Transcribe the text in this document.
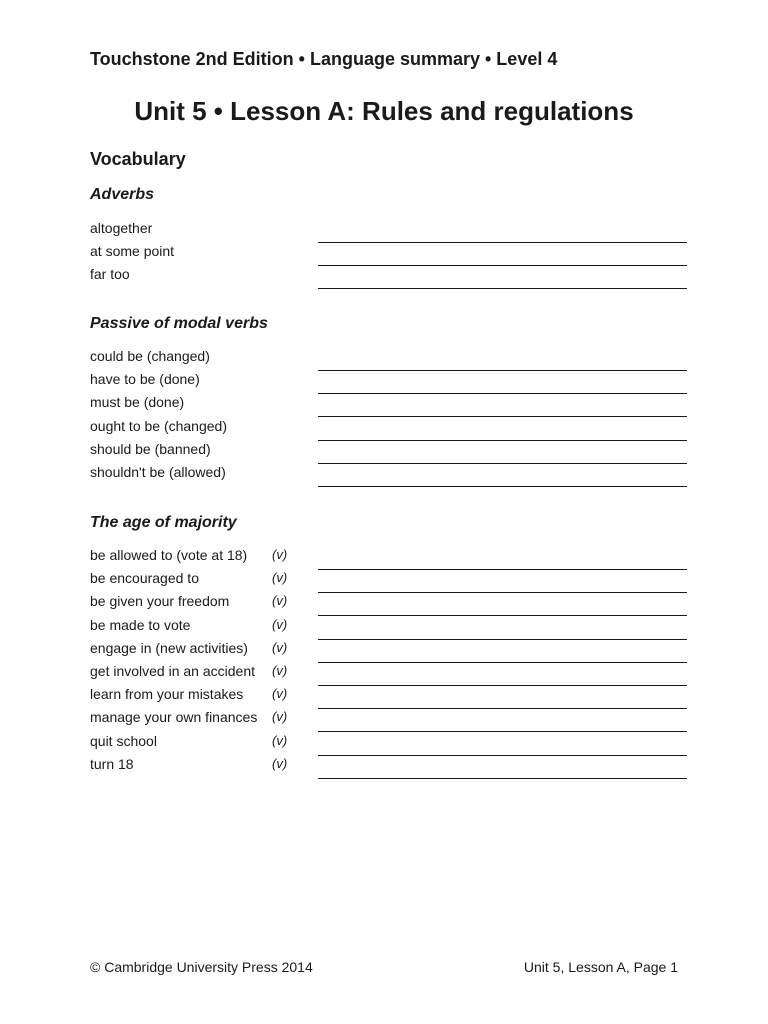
Touchstone 2nd Edition • Language summary • Level 4
Unit 5 • Lesson A: Rules and regulations
Vocabulary
Adverbs
altogether
at some point
far too
Passive of modal verbs
could be (changed)
have to be (done)
must be (done)
ought to be (changed)
should be (banned)
shouldn't be (allowed)
The age of majority
be allowed to (vote at 18) (v)
be encouraged to	(v)
be given your freedom	(v)
be made to vote	(v)
engage in (new activities) (v)
get involved in an accident (v)
learn from your mistakes (v)
manage your own finances (v)
quit school	(v)
turn 18	(v)
© Cambridge University Press 2014	Unit 5, Lesson A, Page 1
